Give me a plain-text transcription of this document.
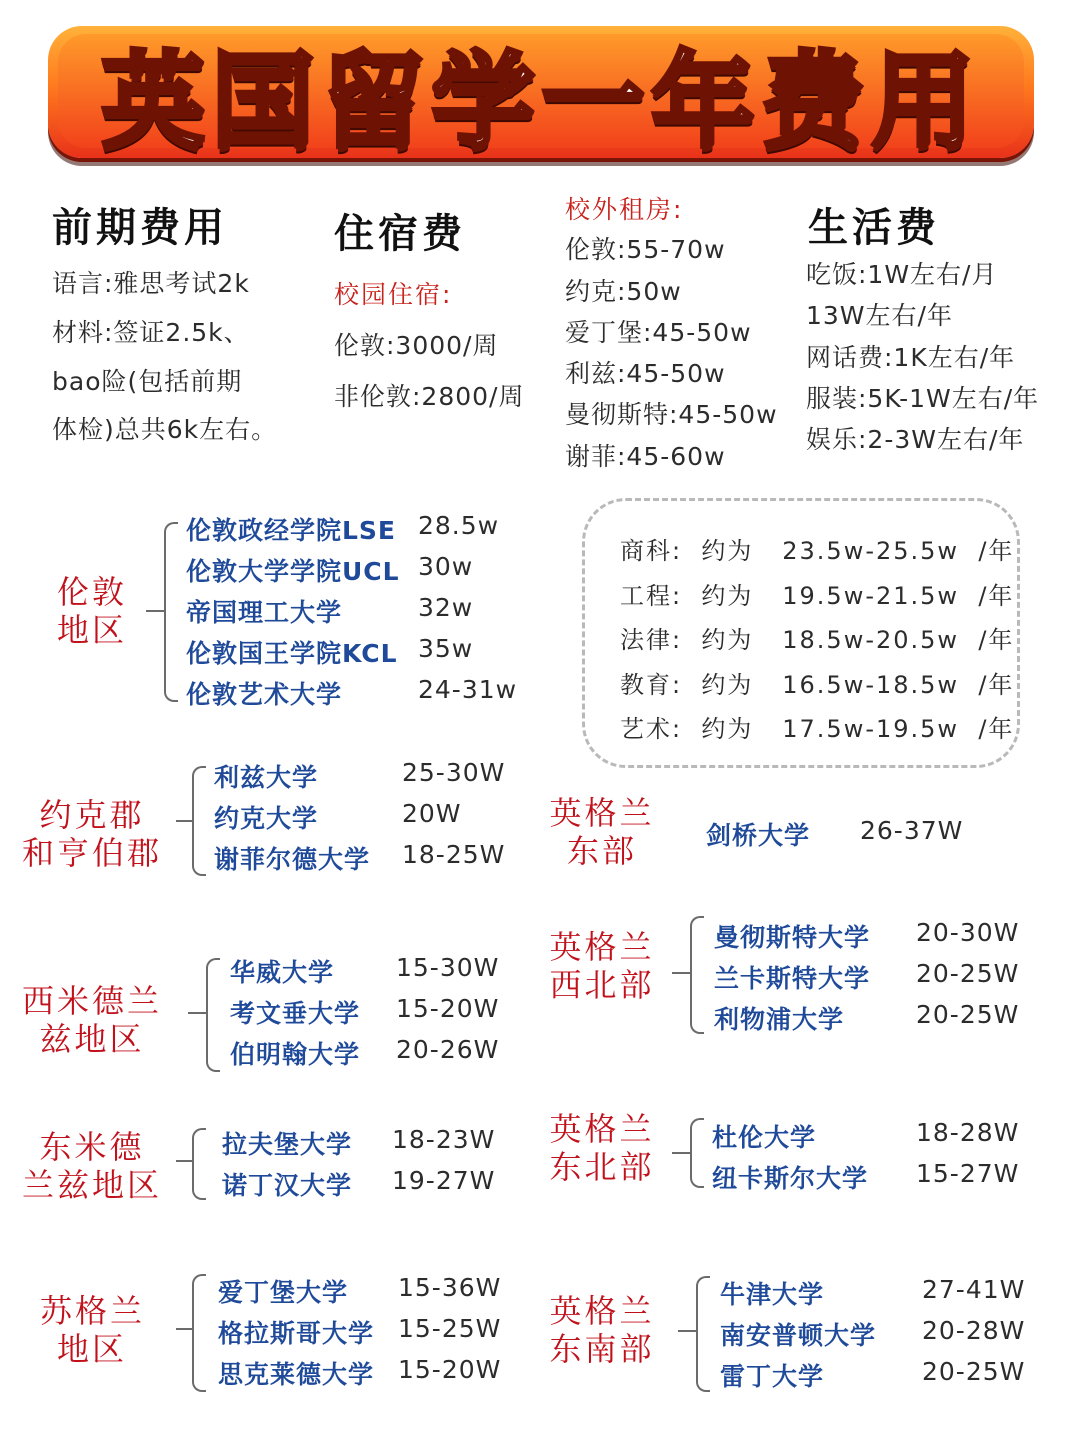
英国留学一年费用
前期费用
语言:雅思考试2k
材料:签证2.5k、
bao险(包括前期
体检)总共6k左右。
住宿费
校园住宿:
伦敦:3000/周
非伦敦:2800/周
校外租房:
伦敦:55-70w
约克:50w
爱丁堡:45-50w
利兹:45-50w
曼彻斯特:45-50w
谢菲:45-60w
生活费
吃饭:1W左右/月
13W左右/年
网话费:1K左右/年
服装:5K-1W左右/年
娱乐:2-3W左右/年
商科: 约为 23.5w-25.5w /年
工程: 约为 19.5w-21.5w /年
法律: 约为 18.5w-20.5w /年
教育: 约为 16.5w-18.5w /年
艺术: 约为 17.5w-19.5w /年
伦敦
地区
伦敦政经学院LSE 28.5w
伦敦大学学院UCL 30w
帝国理工大学	32w
伦敦国王学院KCL 35w
伦敦艺术大学	24-31w
约克郡
和亨伯郡
利兹大学	25-30W
约克大学	20W
谢菲尔德大学 18-25W
英格兰
东部	剑桥大学 26-37W
西米德兰
兹地区
华威大学 15-30W
考文垂大学 15-20W
伯明翰大学 20-26W
英格兰
西北部
曼彻斯特大学 20-30W
兰卡斯特大学 20-25W
利物浦大学	20-25W
东米德
兰兹地区
拉夫堡大学 18-23W
诺丁汉大学 19-27W
英格兰
东北部
杜伦大学	18-28W
纽卡斯尔大学 15-27W
苏格兰
地区
爱丁堡大学 15-36W
格拉斯哥大学 15-25W
思克莱德大学 15-20W
英格兰
东南部
牛津大学	27-41W
南安普顿大学 20-28W
雷丁大学	20-25W
